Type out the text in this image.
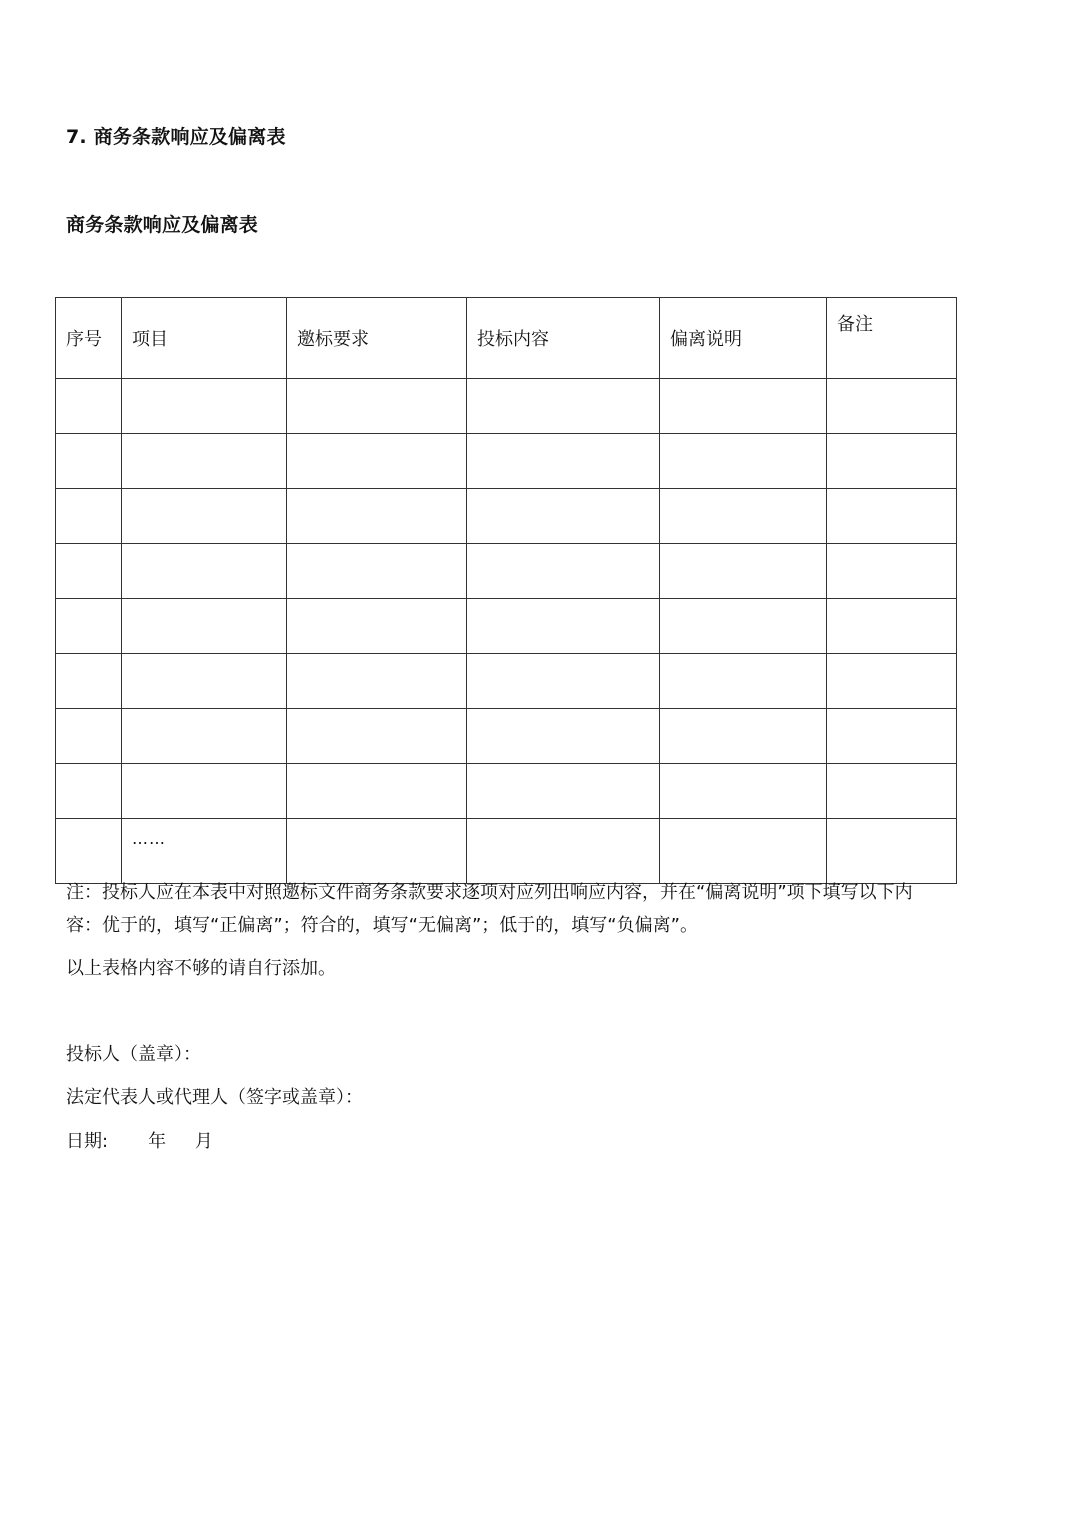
7. 商务条款响应及偏离表
商务条款响应及偏离表
序号	项目	邀标要求	投标内容	偏离说明	备注

	……				
注：投标人应在本表中对照邀标文件商务条款要求逐项对应列出响应内容，并在“偏离说明”项下填写以下内
容：优于的，填写“正偏离”；符合的，填写“无偏离”；低于的，填写“负偏离”。
以上表格内容不够的请自行添加。
投标人（盖章）：
法定代表人或代理人（签字或盖章）：
日期:       年     月
